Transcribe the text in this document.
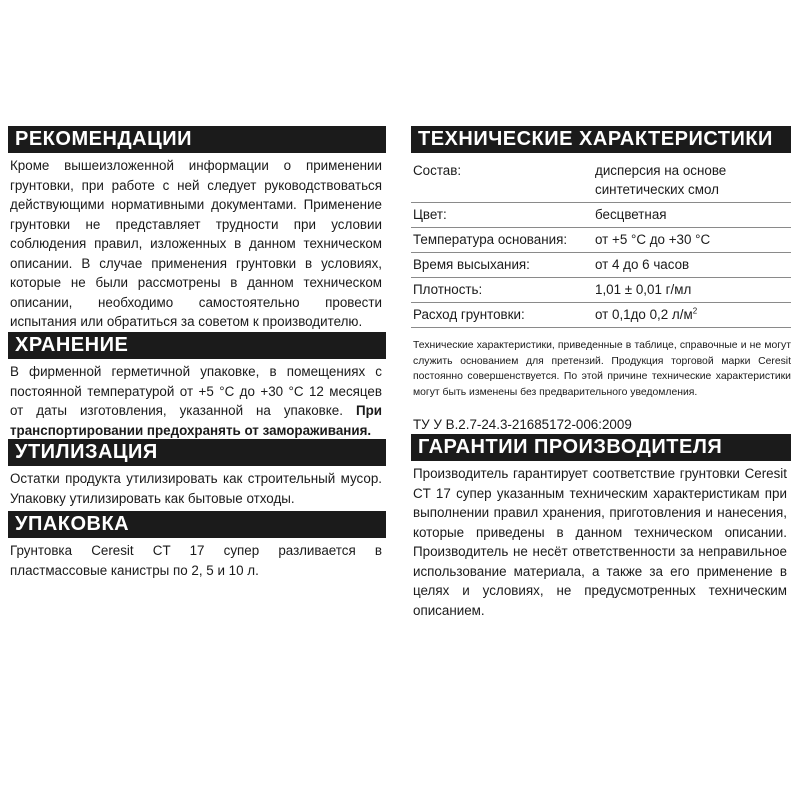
РЕКОМЕНДАЦИИ

Кроме вышеизложенной информации о применении грунтовки, при работе с ней следует руководствоваться действующими нормативными документами. Применение грунтовки не представляет трудности при условии соблюдения правил, изложенных в данном техническом описании. В случае применения грунтовки в условиях, которые не были рассмотрены в данном техническом описании, необходимо самостоятельно провести испытания или обратиться за советом к производителю.

ХРАНЕНИЕ

В фирменной герметичной упаковке, в помещениях с постоянной температурой от +5 °С до +30 °С 12 месяцев от даты изготовления, указанной на упаковке. При транспортировании предохранять от замораживания.

УТИЛИЗАЦИЯ

Остатки продукта утилизировать как строительный мусор. Упаковку утилизировать как бытовые отходы.

УПАКОВКА

Грунтовка Ceresit CT 17 супер разливается в пластмассовые канистры по 2, 5 и 10 л.

ТЕХНИЧЕСКИЕ ХАРАКТЕРИСТИКИ
Состав:	дисперсия на основе синтетических смол
Цвет:	бесцветная
Температура основания:	от +5 °С до +30 °С
Время высыхания:	от 4 до 6 часов
Плотность:	1,01 ± 0,01 г/мл
Расход грунтовки:	от 0,1до 0,2 $л/м^2$

Технические характеристики, приведенные в таблице, справочные и не могут служить основанием для претензий. Продукция торговой марки Ceresit постоянно совершенствуется. По этой причине технические характеристики могут быть изменены без предварительного уведомления.

ТУ У В.2.7-24.3-21685172-006:2009

ГАРАНТИИ ПРОИЗВОДИТЕЛЯ

Производитель гарантирует соответствие грунтовки Ceresit CT 17 супер указанным техническим характеристикам при выполнении правил хранения, приготовления и нанесения, которые приведены в данном техническом описании. Производитель не несёт ответственности за неправильное использование материала, а также за его применение в целях и условиях, не предусмотренных техническим описанием.
